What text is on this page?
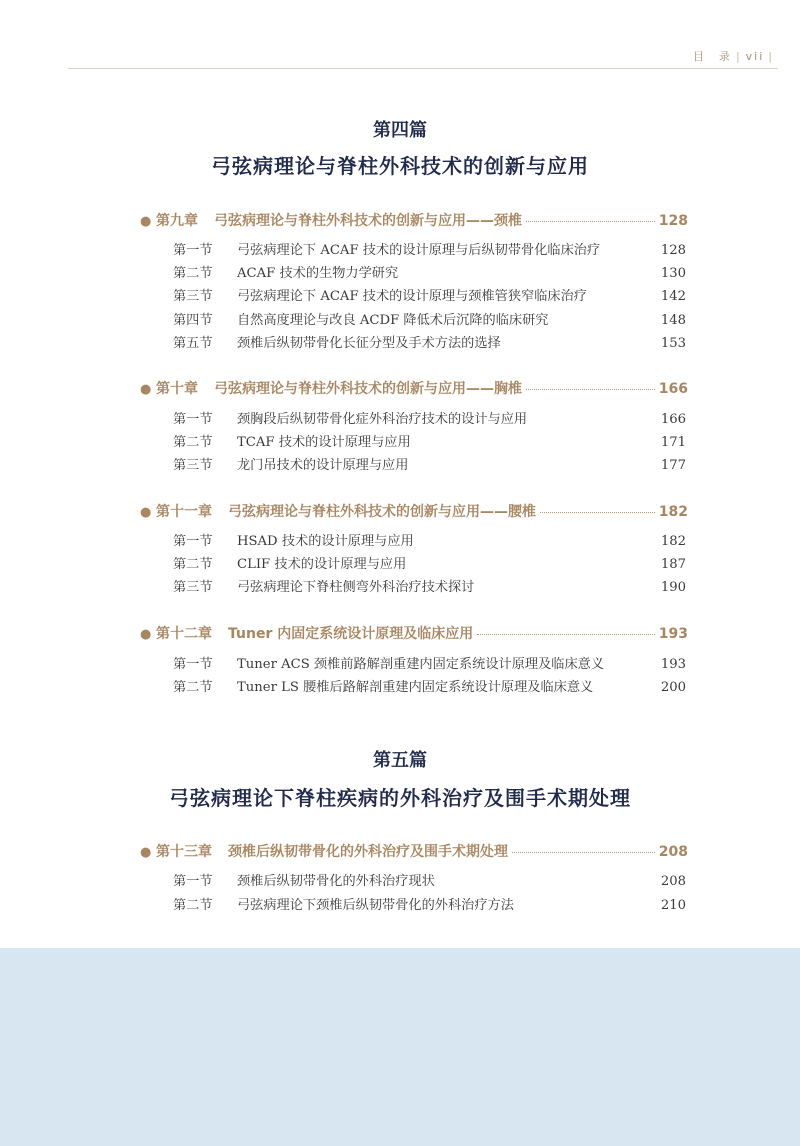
目　录 | vii |
第四篇
弓弦病理论与脊柱外科技术的创新与应用
● 第九章 弓弦病理论与脊柱外科技术的创新与应用——颈椎	128
第一节	弓弦病理论下 ACAF 技术的设计原理与后纵韧带骨化临床治疗	128
第二节	ACAF 技术的生物力学研究	130
第三节	弓弦病理论下 ACAF 技术的设计原理与颈椎管狭窄临床治疗	142
第四节	自然高度理论与改良 ACDF 降低术后沉降的临床研究	148
第五节	颈椎后纵韧带骨化长征分型及手术方法的选择	153
● 第十章 弓弦病理论与脊柱外科技术的创新与应用——胸椎	166
第一节	颈胸段后纵韧带骨化症外科治疗技术的设计与应用	166
第二节	TCAF 技术的设计原理与应用	171
第三节	龙门吊技术的设计原理与应用	177
● 第十一章 弓弦病理论与脊柱外科技术的创新与应用——腰椎	182
第一节	HSAD 技术的设计原理与应用	182
第二节	CLIF 技术的设计原理与应用	187
第三节	弓弦病理论下脊柱侧弯外科治疗技术探讨	190
● 第十二章 Tuner 内固定系统设计原理及临床应用	193
第一节	Tuner ACS 颈椎前路解剖重建内固定系统设计原理及临床意义	193
第二节	Tuner LS 腰椎后路解剖重建内固定系统设计原理及临床意义	200
第五篇
弓弦病理论下脊柱疾病的外科治疗及围手术期处理
● 第十三章 颈椎后纵韧带骨化的外科治疗及围手术期处理	208
第一节	颈椎后纵韧带骨化的外科治疗现状	208
第二节	弓弦病理论下颈椎后纵韧带骨化的外科治疗方法	210
